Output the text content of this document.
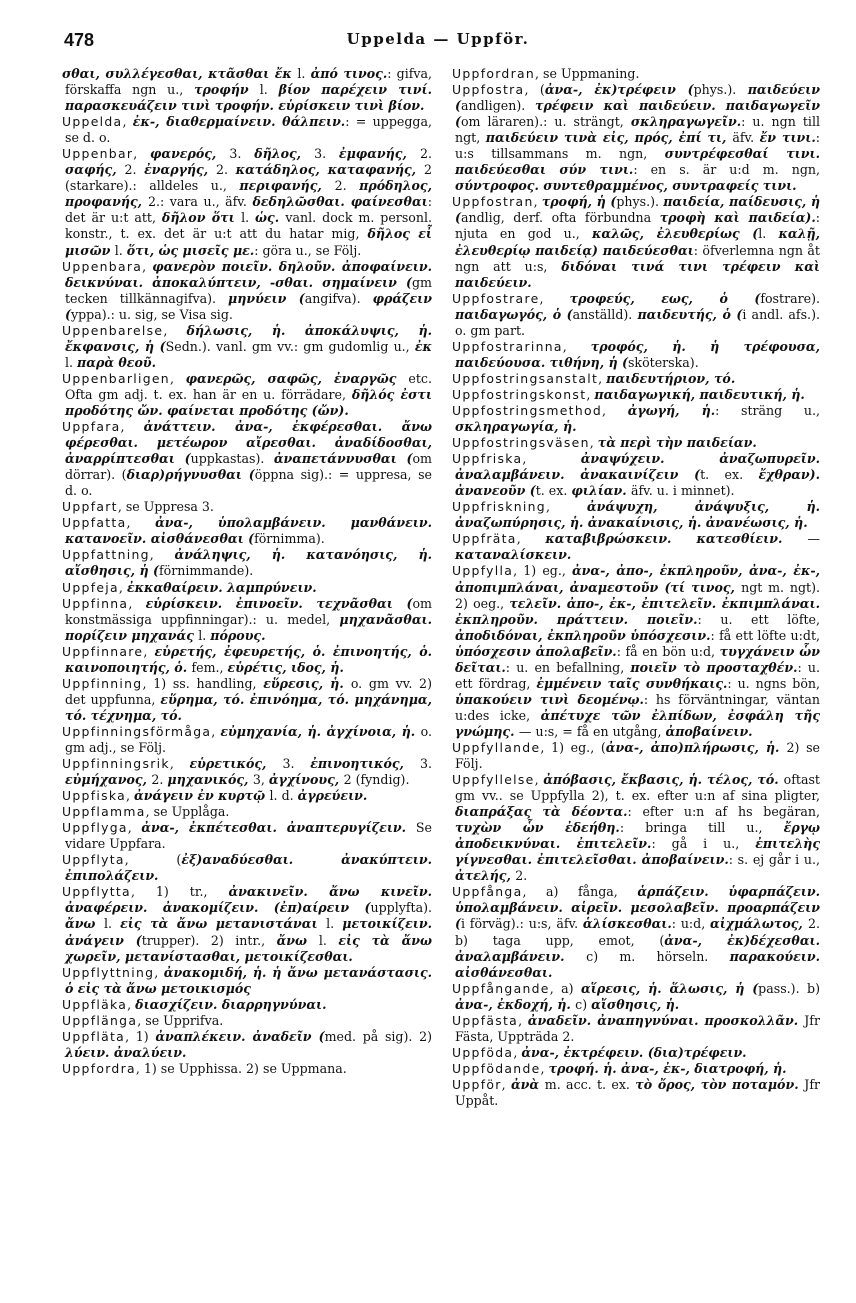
478	Uppelda — Uppför.

σθαι, συλλέγεσθαι, κτᾶσθαι ἔκ l. ἀπό τινος.: gifva, förskaffa ngn u., τροφήν l. βίον παρέχειν τινί. παρασκευάζειν τινὶ τροφήν. εὑρίσκειν τινὶ βίον.

Uppelda, ἐκ-, διαθερμαίνειν. θάλπειν.: = uppegga, se d. o.

Uppenbar, φανερός, 3. δῆλος, 3. ἐμφανής, 2. σαφής, 2. ἐναργής, 2. κατάδηλος, καταφανής, 2 (starkare).: alldeles u., περιφανής, 2. πρόδηλος, προφανής, 2.: vara u., äfv. δεδηλῶσθαι. φαίνεσθαι: det är u:t att, δῆλον ὅτι l. ὡς. vanl. dock m. personl. konstr., t. ex. det är u:t att du hatar mig, δῆλος εἶ μισῶν l. ὅτι, ὡς μισεῖς με.: göra u., se Följ.

Uppenbara, φανερὸν ποιεῖν. δηλοῦν. ἀποφαίνειν. δεικνύναι. ἀποκαλύπτειν, -σθαι. σημαίνειν (gm tecken tillkännagifva). μηνύειν (angifva). φράζειν (yppa).: u. sig, se Visa sig.

Uppenbarelse, δήλωσις, ἡ. ἀποκάλυψις, ἡ. ἔκφανσις, ἡ (Sedn.). vanl. gm vv.: gm gudomlig u., ἐκ l. παρὰ θεοῦ.

Uppenbarligen, φανερῶς, σαφῶς, ἐναργῶς etc. Ofta gm adj. t. ex. han är en u. förrädare, δῆλός ἐστι προδότης ὤν. φαίνεται προδότης (ὤν).

Uppfara, ἀνάττειν. ἀνα-, ἐκφέρεσθαι. ἄνω φέρεσθαι. μετέωρον αἴρεσθαι. ἀναδίδοσθαι, ἀναρρίπτεσθαι (uppkastas). ἀναπετάννυσθαι (om dörrar). (διαρ)ρήγνυσθαι (öppna sig).: = uppresa, se d. o.

Uppfart, se Uppresa 3.

Uppfatta, ἀνα-, ὑπολαμβάνειν. μανθάνειν. κατανοεῖν. αἰσθάνεσθαι (förnimma).

Uppfattning, ἀνάληψις, ἡ. κατανόησις, ἡ. αἴσθησις, ἡ (förnimmande).

Uppfeja, ἐκκαθαίρειν. λαμπρύνειν.

Uppfinna, εὑρίσκειν. ἐπινοεῖν. τεχνᾶσθαι (om konstmässiga uppfinningar).: u. medel, μηχανᾶσθαι. πορίζειν μηχανάς l. πόρους.

Uppfinnare, εὑρετής, ἐφευρετής, ὁ. ἐπινοητής, ὁ. καινοποιητής, ὁ. fem., εὑρέτις, ιδος, ἡ.

Uppfinning, 1) ss. handling, εὕρεσις, ἡ. o. gm vv. 2) det uppfunna, εὕρημα, τό. ἐπινόημα, τό. μηχάνημα, τό. τέχνημα, τό.

Uppfinningsförmåga, εὐμηχανία, ἡ. ἀγχίνοια, ἡ. o. gm adj., se Följ.

Uppfinningsrik, εὑρετικός, 3. ἐπινοητικός, 3. εὐμήχανος, 2. μηχανικός, 3, ἀγχίνους, 2 (fyndig).

Uppfiska, ἀνάγειν ἐν κυρτῷ l. d. ἀγρεύειν.

Uppflamma, se Upplåga.

Uppflyga, ἀνα-, ἐκπέτεσθαι. ἀναπτερυγίζειν. Se vidare Uppfara.

Uppflyta, (ἐξ)αναδύεσθαι. ἀνακύπτειν. ἐπιπολάζειν.

Uppflytta, 1) tr., ἀνακινεῖν. ἄνω κινεῖν. ἀναφέρειν. ἀνακομίζειν. (ἐπ)αίρειν (upplyfta). ἄνω l. εἰς τὰ ἄνω μετανιστάναι l. μετοικίζειν. ἀνάγειν (trupper). 2) intr., ἄνω l. εἰς τὰ ἄνω χωρεῖν, μετανίστασθαι, μετοικίζεσθαι.

Uppflyttning, ἀνακομιδή, ἡ. ἡ ἄνω μετανάστασις. ὁ εἰς τὰ ἄνω μετοικισμός

Uppfläka, διασχίζειν. διαρρηγνύναι.

Uppflänga, se Upprifva.

Uppfläta, 1) ἀναπλέκειν. ἀναδεῖν (med. på sig). 2) λύειν. ἀναλύειν.

Uppfordra, 1) se Upphissa. 2) se Uppmana.

Uppfordran, se Uppmaning.

Uppfostra, (ἀνα-, ἐκ)τρέφειν (phys.). παιδεύειν (andligen). τρέφειν καὶ παιδεύειν. παιδαγωγεῖν (om läraren).: u. strängt, σκληραγωγεῖν.: u. ngn till ngt, παιδεύειν τινὰ εἰς, πρός, ἐπί τι, äfv. ἔν τινι.: u:s tillsammans m. ngn, συντρέφεσθαί τινι. παιδεύεσθαι σύν τινι.: en s. är u:d m. ngn, σύντροφος. συντεθραμμένος, συντραφείς τινι.

Uppfostran, τροφή, ἡ (phys.). παιδεία, παίδευσις, ἡ (andlig, derf. ofta förbundna τροφὴ καὶ παιδεία).: njuta en god u., καλῶς, ἐλευθερίως (l. καλῇ, ἐλευθερίῳ παιδείᾳ) παιδεύεσθαι: öfverlemna ngn åt ngn att u:s, διδόναι τινά τινι τρέφειν καὶ παιδεύειν.

Uppfostrare, τροφεύς, εως, ὁ (fostrare). παιδαγωγός, ὁ (anställd). παιδευτής, ὁ (i andl. afs.). o. gm part.

Uppfostrarinna, τροφός, ἡ. ἡ τρέφουσα, παιδεύουσα. τιθήνη, ἡ (sköterska).

Uppfostringsanstalt, παιδευτήριον, τό.

Uppfostringskonst, παιδαγωγική, παιδευτική, ἡ.

Uppfostringsmethod, ἀγωγή, ἡ.: sträng u., σκληραγωγία, ἡ.

Uppfostringsväsen, τὰ περὶ τὴν παιδείαν.

Uppfriska, ἀναψύχειν. ἀναζωπυρεῖν. ἀναλαμβάνειν. ἀνακαινίζειν (t. ex. ἔχθραν). ἀνανεοῦν (t. ex. φιλίαν. äfv. u. i minnet).

Uppfriskning, ἀνάψυχη, ἀνάψυξις, ἡ. ἀναζωπύρησις, ἡ. ἀνακαίνισις, ἡ. ἀνανέωσις, ἡ.

Uppfräta, καταβιβρώσκειν. κατεσθίειν. — καταναλίσκειν.

Uppfylla, 1) eg., ἀνα-, ἀπο-, ἐκπληροῦν, ἀνα-, ἐκ-, ἀποπιμπλάναι, ἀναμεστοῦν (τί τινος, ngt m. ngt). 2) oeg., τελεῖν. ἀπο-, ἐκ-, ἐπιτελεῖν. ἐκπιμπλάναι. ἐκπληροῦν. πράττειν. ποιεῖν.: u. ett löfte, ἀποδιδόναι, ἐκπληροῦν ὑπόσχεσιν.: få ett löfte u:dt, ὑπόσχεσιν ἀπολαβεῖν.: få en bön u:d, τυγχάνειν ὧν δεῖται.: u. en befallning, ποιεῖν τὸ προσταχθέν.: u. ett fördrag, ἐμμένειν ταῖς συνθήκαις.: u. ngns bön, ὑπακούειν τινὶ δεομένῳ.: hs förväntningar, väntan u:des icke, ἀπέτυχε τῶν ἐλπίδων, ἐσφάλη τῆς γνώμης. — u:s, = få en utgång, ἀποβαίνειν.

Uppfyllande, 1) eg., (ἀνα-, ἀπο)πλήρωσις, ἡ. 2) se Följ.

Uppfyllelse, ἀπόβασις, ἔκβασις, ἡ. τέλος, τό. oftast gm vv.. se Uppfylla 2), t. ex. efter u:n af sina pligter, διαπράξας τὰ δέοντα.: efter u:n af hs begäran, τυχὼν ὧν ἐδεήθη.: bringa till u., ἔργῳ ἀποδεικνύναι. ἐπιτελεῖν.: gå i u., ἐπιτελὴς γίγνεσθαι. ἐπιτελεῖσθαι. ἀποβαίνειν.: s. ej går i u., ἀτελής, 2.

Uppfånga, a) fånga, ἁρπάζειν. ὑφαρπάζειν. ὑπολαμβάνειν. αἱρεῖν. μεσολαβεῖν. προαρπάζειν (i förväg).: u:s, äfv. ἁλίσκεσθαι.: u:d, αἰχμάλωτος, 2. b) taga upp, emot, (ἀνα-, ἐκ)δέχεσθαι. ἀναλαμβάνειν. c) m. hörseln. παρακούειν. αἰσθάνεσθαι.

Uppfångande, a) αἵρεσις, ἡ. ἅλωσις, ἡ (pass.). b) ἀνα-, ἐκδοχή, ἡ. c) αἴσθησις, ἡ.

Uppfästa, ἀναδεῖν. ἀναπηγνύναι. προσκολλᾶν. Jfr Fästa, Uppträda 2.

Uppföda, ἀνα-, ἐκτρέφειν. (δια)τρέφειν.

Uppfödande, τροφή. ἡ. ἀνα-, ἐκ-, διατροφή, ἡ.

Uppför, ἀνὰ m. acc. t. ex. τὸ ὄρος, τὸν ποταμόν. Jfr Uppåt.
